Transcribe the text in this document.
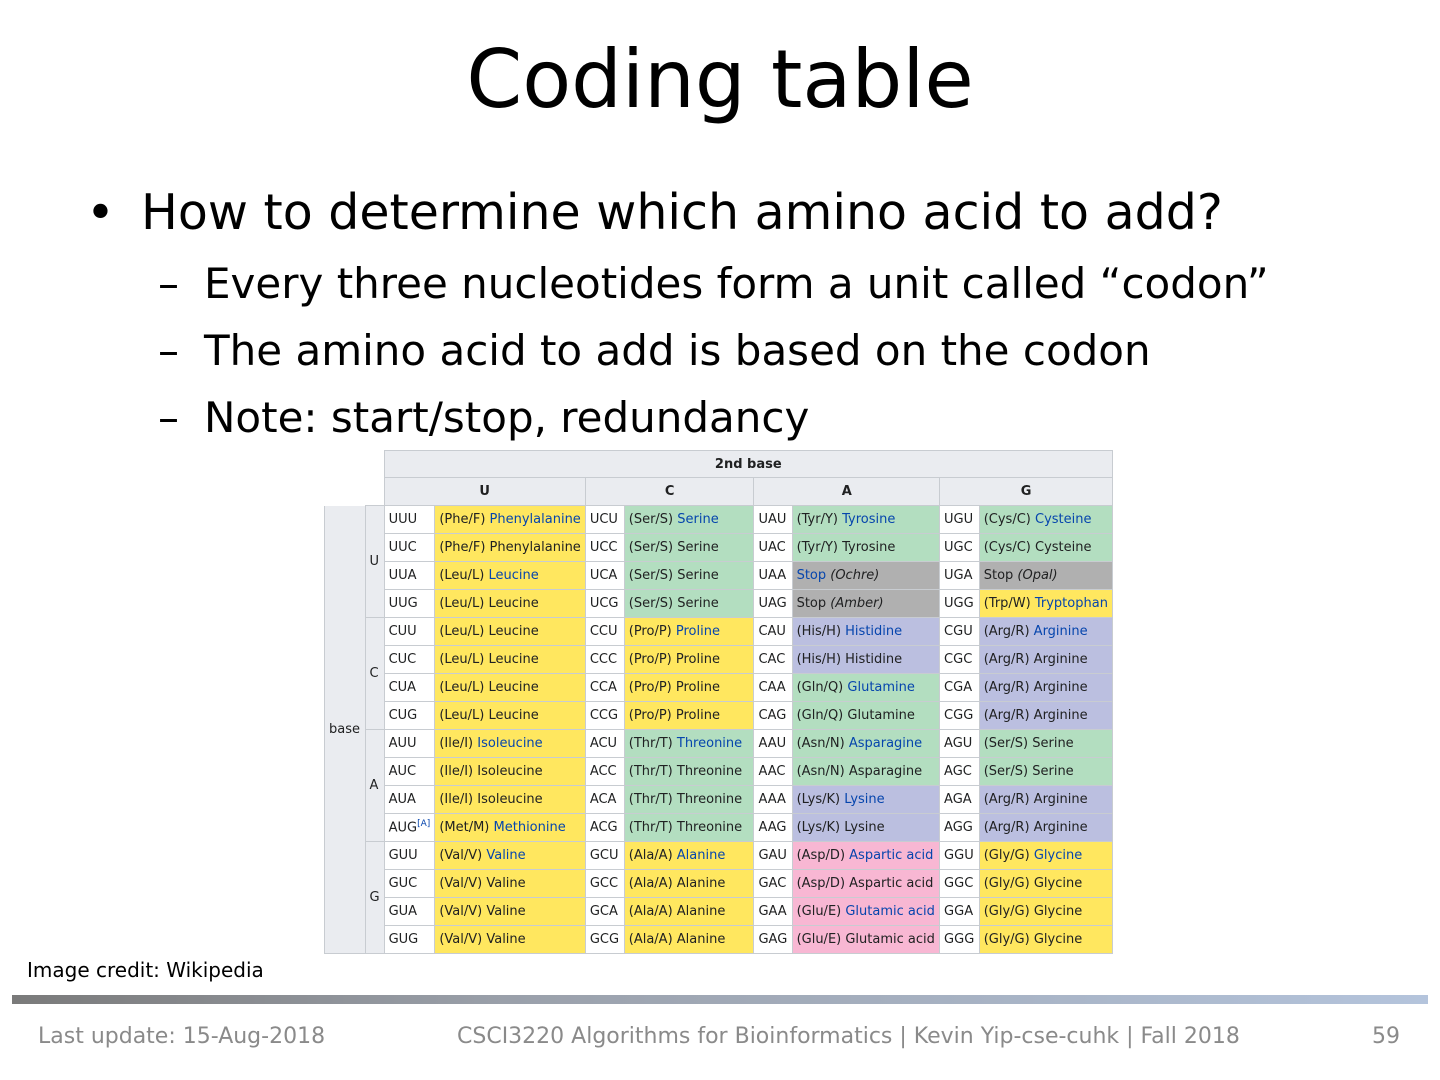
Coding table
• How to determine which amino acid to add?
– Every three nucleotides form a unit called “codon”
– The amino acid to add is based on the codon
– Note: start/stop, redundancy
		2nd base							
		U		C		A		G	
base	U	UUU	(Phe/F) Phenylalanine	UCU	(Ser/S) Serine	UAU	(Tyr/Y) Tyrosine	UGU	(Cys/C) Cysteine
		UUC	(Phe/F) Phenylalanine	UCC	(Ser/S) Serine	UAC	(Tyr/Y) Tyrosine	UGC	(Cys/C) Cysteine
		UUA	(Leu/L) Leucine	UCA	(Ser/S) Serine	UAA	Stop (Ochre)	UGA	Stop (Opal)
		UUG	(Leu/L) Leucine	UCG	(Ser/S) Serine	UAG	Stop (Amber)	UGG	(Trp/W) Tryptophan
	C	CUU	(Leu/L) Leucine	CCU	(Pro/P) Proline	CAU	(His/H) Histidine	CGU	(Arg/R) Arginine
		CUC	(Leu/L) Leucine	CCC	(Pro/P) Proline	CAC	(His/H) Histidine	CGC	(Arg/R) Arginine
		CUA	(Leu/L) Leucine	CCA	(Pro/P) Proline	CAA	(Gln/Q) Glutamine	CGA	(Arg/R) Arginine
		CUG	(Leu/L) Leucine	CCG	(Pro/P) Proline	CAG	(Gln/Q) Glutamine	CGG	(Arg/R) Arginine
	A	AUU	(Ile/I) Isoleucine	ACU	(Thr/T) Threonine	AAU	(Asn/N) Asparagine	AGU	(Ser/S) Serine
		AUC	(Ile/I) Isoleucine	ACC	(Thr/T) Threonine	AAC	(Asn/N) Asparagine	AGC	(Ser/S) Serine
		AUA	(Ile/I) Isoleucine	ACA	(Thr/T) Threonine	AAA	(Lys/K) Lysine	AGA	(Arg/R) Arginine
		AUG[A]	(Met/M) Methionine	ACG	(Thr/T) Threonine	AAG	(Lys/K) Lysine	AGG	(Arg/R) Arginine
	G	GUU	(Val/V) Valine	GCU	(Ala/A) Alanine	GAU	(Asp/D) Aspartic acid	GGU	(Gly/G) Glycine
		GUC	(Val/V) Valine	GCC	(Ala/A) Alanine	GAC	(Asp/D) Aspartic acid	GGC	(Gly/G) Glycine
		GUA	(Val/V) Valine	GCA	(Ala/A) Alanine	GAA	(Glu/E) Glutamic acid	GGA	(Gly/G) Glycine
		GUG	(Val/V) Valine	GCG	(Ala/A) Alanine	GAG	(Glu/E) Glutamic acid	GGG	(Gly/G) Glycine
Image credit: Wikipedia
Last update: 15-Aug-2018	CSCI3220 Algorithms for Bioinformatics | Kevin Yip-cse-cuhk | Fall 2018	59
